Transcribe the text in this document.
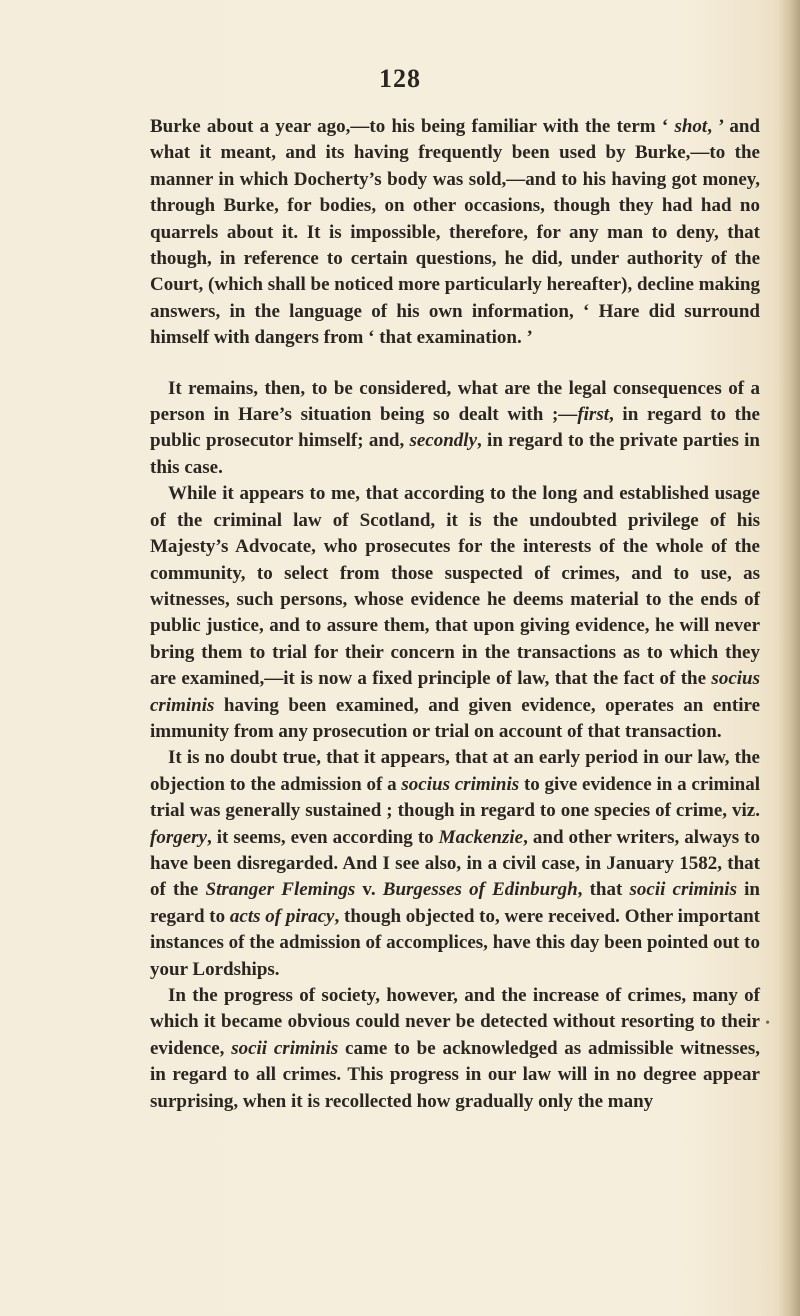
128

Burke about a year ago,—to his being familiar with the term ‘ shot, ’ and what it meant, and its having frequently been used by Burke,—to the manner in which Docherty’s body was sold,—and to his having got money, through Burke, for bodies, on other occasions, though they had had no quarrels about it. It is impossible, therefore, for any man to deny, that though, in reference to certain questions, he did, under authority of the Court, (which shall be noticed more particularly hereafter), decline making answers, in the language of his own information, ‘ Hare did surround himself with dangers from ‘ that examination. ’

It remains, then, to be considered, what are the legal consequences of a person in Hare’s situation being so dealt with ;—first, in regard to the public prosecutor himself; and, secondly, in regard to the private parties in this case.

While it appears to me, that according to the long and established usage of the criminal law of Scotland, it is the undoubted privilege of his Majesty’s Advocate, who prosecutes for the interests of the whole of the community, to select from those suspected of crimes, and to use, as witnesses, such persons, whose evidence he deems material to the ends of public justice, and to assure them, that upon giving evidence, he will never bring them to trial for their concern in the transactions as to which they are examined,—it is now a fixed principle of law, that the fact of the socius criminis having been examined, and given evidence, operates an entire immunity from any prosecution or trial on account of that transaction.

It is no doubt true, that it appears, that at an early period in our law, the objection to the admission of a socius criminis to give evidence in a criminal trial was generally sustained ; though in regard to one species of crime, viz. forgery, it seems, even according to Mackenzie, and other writers, always to have been disregarded. And I see also, in a civil case, in January 1582, that of the Stranger Flemings v. Burgesses of Edinburgh, that socii criminis in regard to acts of piracy, though objected to, were received. Other important instances of the admission of accomplices, have this day been pointed out to your Lordships.

In the progress of society, however, and the increase of crimes, many of which it became obvious could never be detected without resorting to their evidence, socii criminis came to be acknowledged as admissible witnesses, in regard to all crimes. This progress in our law will in no degree appear surprising, when it is recollected how gradually only the many

•
